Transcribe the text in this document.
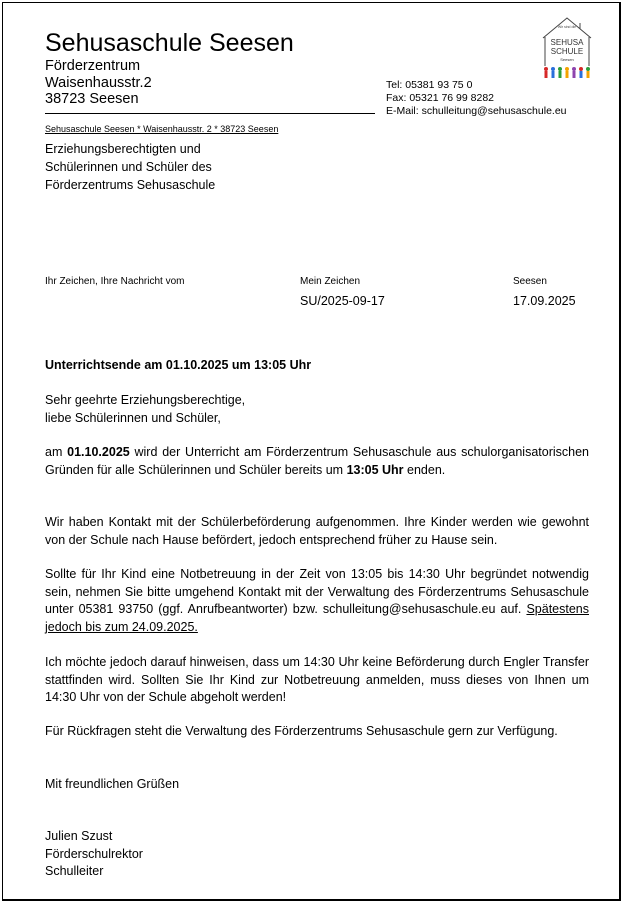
Sehusaschule Seesen
Förderzentrum
Waisenhausstr.2
38723 Seesen
Tel: 05381 93 75 0
Fax: 05321 76 99 8282
E-Mail: schulleitung@sehusaschule.eu
Wir sind die
SEHUSA
SCHULE
Seesen
Sehusaschule Seesen * Waisenhausstr. 2 * 38723 Seesen
Erziehungsberechtigten und
Schülerinnen und Schüler des
Förderzentrums Sehusaschule
Ihr Zeichen, Ihre Nachricht vom	Mein Zeichen
SU/2025-09-17
Seesen
17.09.2025
Unterrichtsende am 01.10.2025 um 13:05 Uhr
Sehr geehrte Erziehungsberechtige,
liebe Schülerinnen und Schüler,
am 01.10.2025 wird der Unterricht am Förderzentrum Sehusaschule aus schulorganisatorischen Gründen für alle Schülerinnen und Schüler bereits um 13:05 Uhr enden.
Wir haben Kontakt mit der Schülerbeförderung aufgenommen. Ihre Kinder werden wie gewohnt von der Schule nach Hause befördert, jedoch entsprechend früher zu Hause sein.
Sollte für Ihr Kind eine Notbetreuung in der Zeit von 13:05 bis 14:30 Uhr begründet notwendig sein, nehmen Sie bitte umgehend Kontakt mit der Verwaltung des Förderzentrums Sehusaschule unter 05381 93750 (ggf. Anrufbeantworter) bzw. schulleitung@sehusaschule.eu auf. Spätestens jedoch bis zum 24.09.2025.
Ich möchte jedoch darauf hinweisen, dass um 14:30 Uhr keine Beförderung durch Engler Transfer stattfinden wird. Sollten Sie Ihr Kind zur Notbetreuung anmelden, muss dieses von Ihnen um 14:30 Uhr von der Schule abgeholt werden!
Für Rückfragen steht die Verwaltung des Förderzentrums Sehusaschule gern zur Verfügung.
Mit freundlichen Grüßen
Julien Szust
Förderschulrektor
Schulleiter
